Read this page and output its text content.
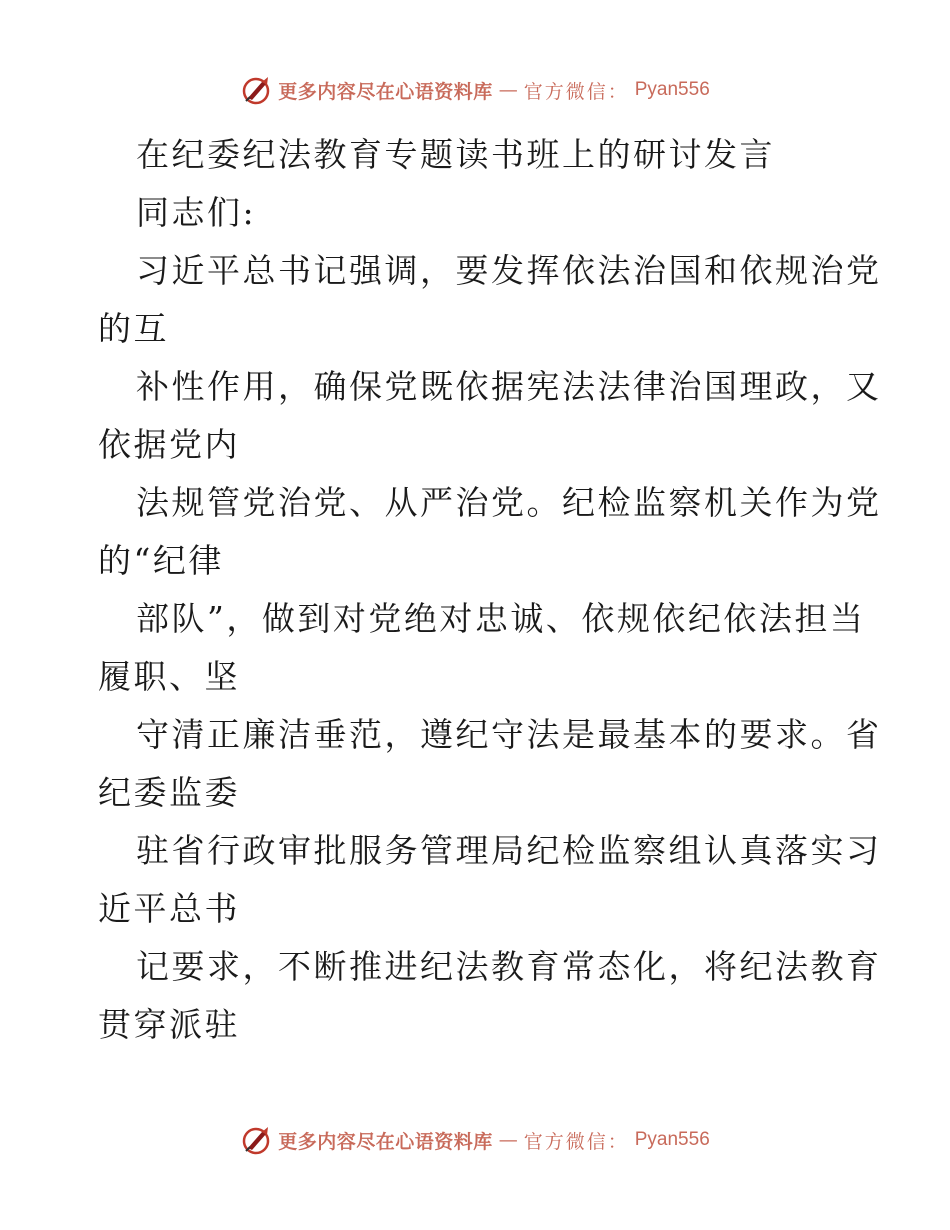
更多内容尽在心语资料库 — 官方微信： Pyan556
在纪委纪法教育专题读书班上的研讨发言
同志们:
习近平总书记强调，要发挥依法治国和依规治党
的互
补性作用，确保党既依据宪法法律治国理政，又
依据党内
法规管党治党、从严治党。纪检监察机关作为党
的“纪律
部队”，做到对党绝对忠诚、依规依纪依法担当
履职、坚
守清正廉洁垂范，遵纪守法是最基本的要求。省
纪委监委
驻省行政审批服务管理局纪检监察组认真落实习
近平总书
记要求，不断推进纪法教育常态化，将纪法教育
贯穿派驻
更多内容尽在心语资料库 — 官方微信： Pyan556
